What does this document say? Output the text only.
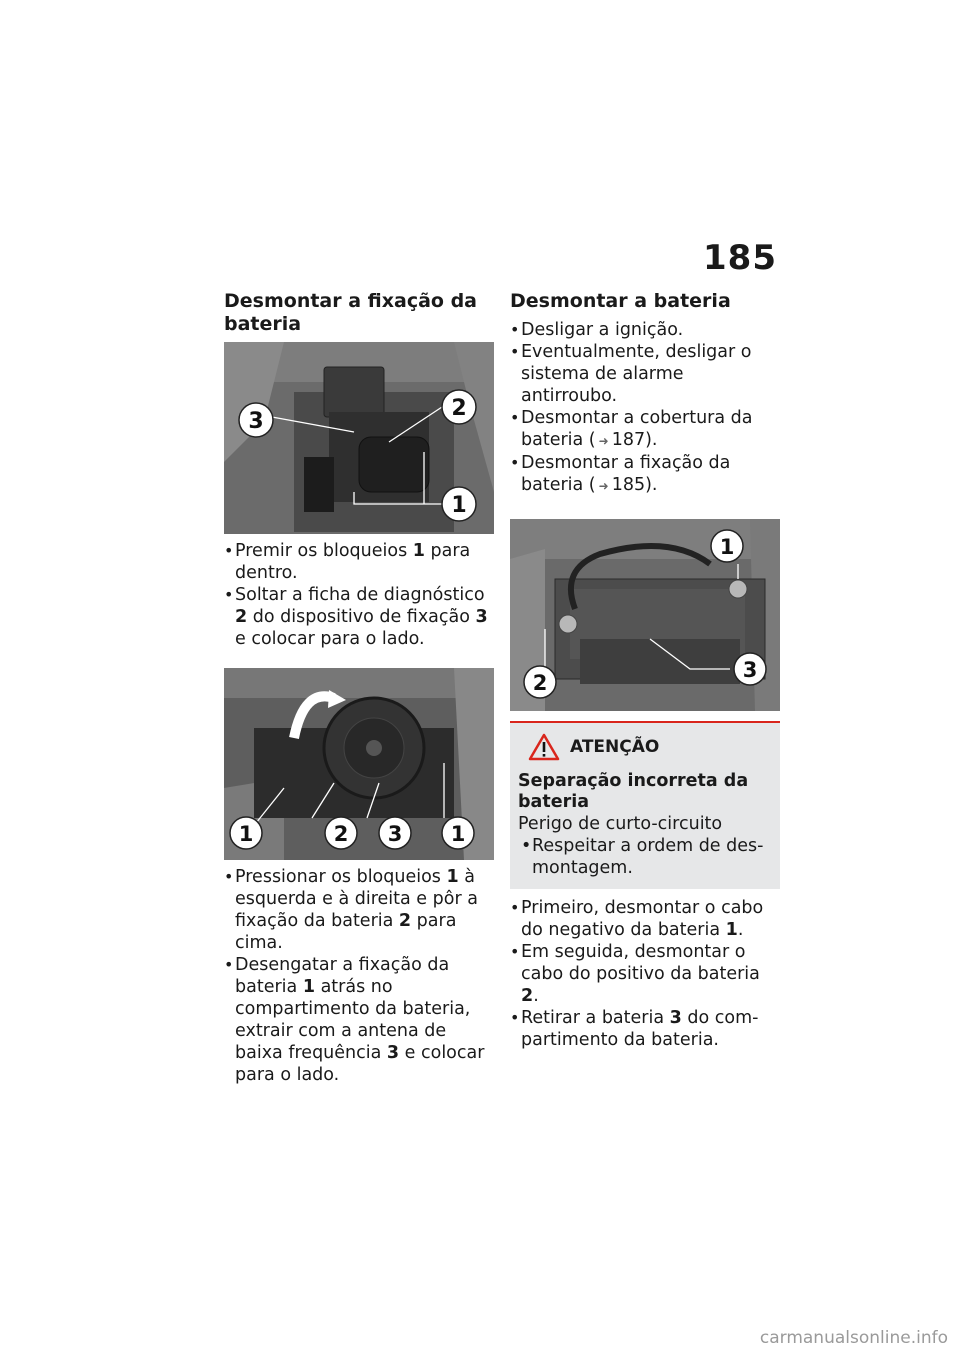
185
Desmontar a fixação da bateria
3
2
1
• Premir os bloqueios 1 para dentro.
• Soltar a ficha de diagnóstico 2 do dispositivo de fixação 3 e colocar para o lado.
1	2 3 1
• Pressionar os bloqueios 1 à esquerda e à direita e pôr a fixação da bateria 2 para cima.
• Desengatar a fixação da bateria 1 atrás no compartimento da bateria, extrair com a antena de baixa frequência 3 e colocar para o lado.
Desmontar a bateria
• Desligar a ignição.
• Eventualmente, desligar o sistema de alarme antirroubo.
• Desmontar a cobertura da bateria ( ➜ 187).
• Desmontar a fixação da bateria ( ➜ 185).
1
2
3
ATENÇÃO
Separação incorreta da bateria
Perigo de curto-circuito
• Respeitar a ordem de desmontagem.
• Primeiro, desmontar o cabo do negativo da bateria 1.
• Em seguida, desmontar o cabo do positivo da bateria 2.
• Retirar a bateria 3 do compartimento da bateria.
carmanualsonline.info
